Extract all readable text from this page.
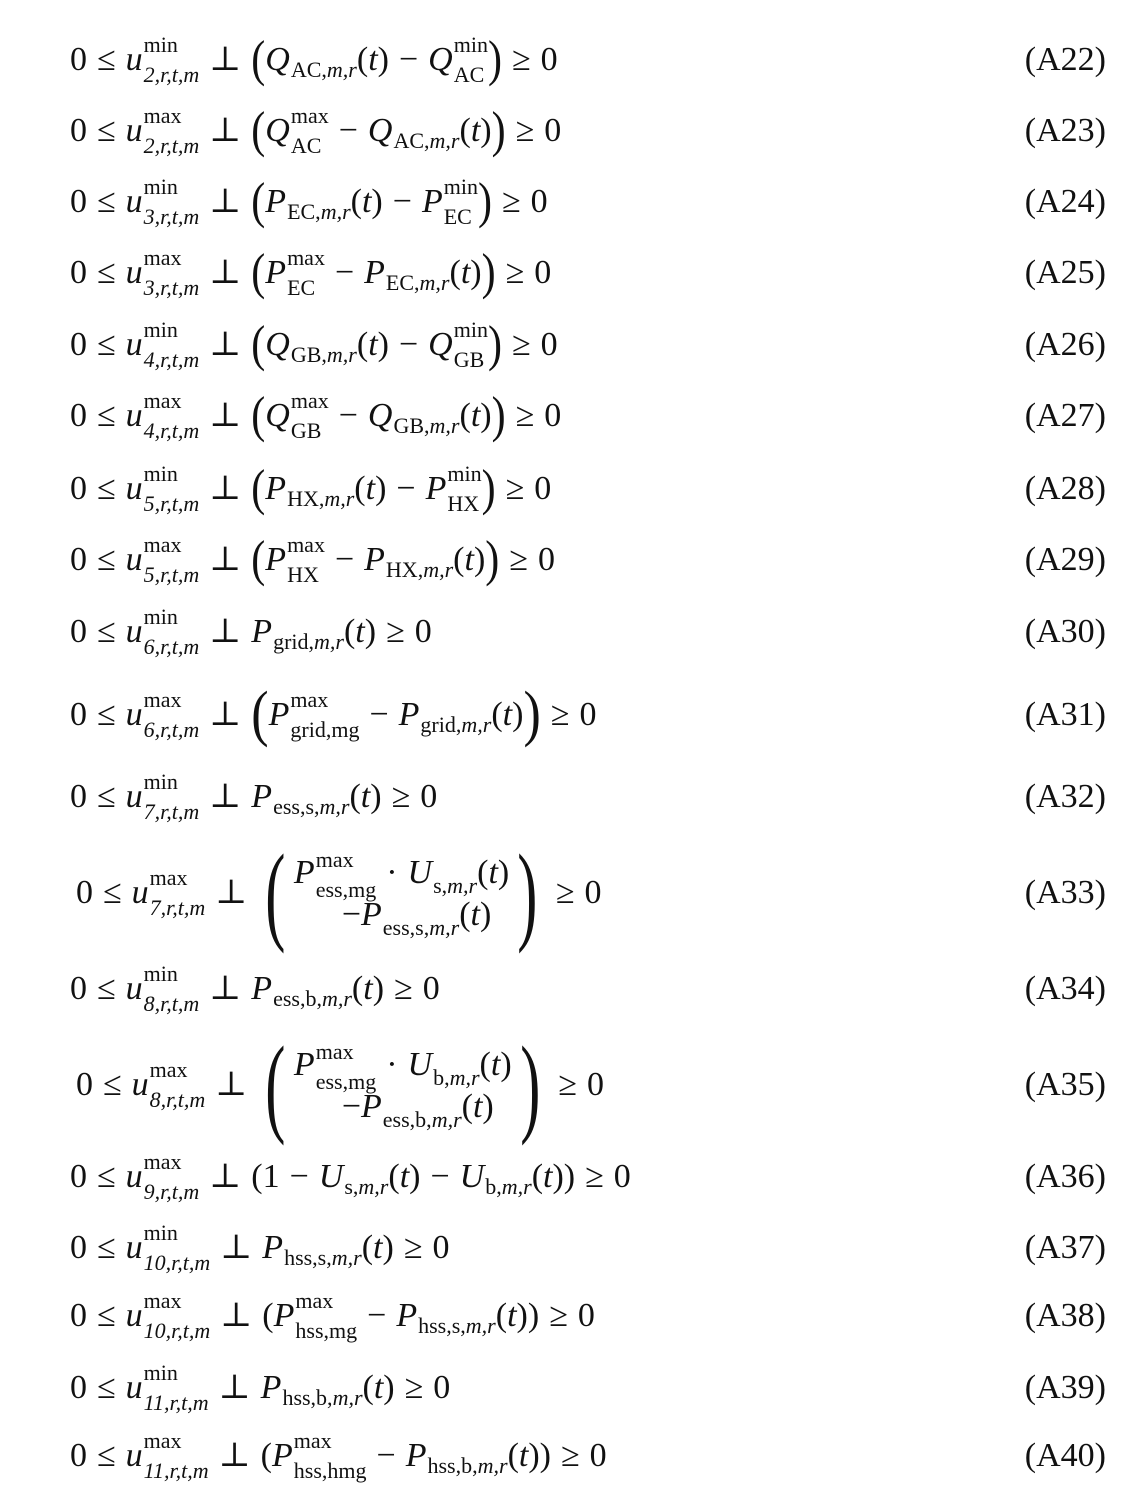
0 ≤ u min
2,r,t,m ⊥ ( Q AC,m,r ( t ) − Q min
AC ) ≥ 0	(A22)
0 ≤ u max
2,r,t,m ⊥ ( Q max
AC − Q AC,m,r ( t ) ) ≥ 0	(A23)
0 ≤ u min
3,r,t,m ⊥ ( P EC,m,r ( t ) − P min
EC ) ≥ 0	(A24)
0 ≤ u max
3,r,t,m ⊥ ( P max
EC − P EC,m,r ( t ) ) ≥ 0	(A25)
0 ≤ u min
4,r,t,m ⊥ ( Q GB,m,r ( t ) − Q min
GB ) ≥ 0	(A26)
0 ≤ u max
4,r,t,m ⊥ ( Q max
GB − Q GB,m,r ( t ) ) ≥ 0	(A27)
0 ≤ u min
5,r,t,m ⊥ ( P HX,m,r ( t ) − P min
HX ) ≥ 0	(A28)
0 ≤ u max
5,r,t,m ⊥ ( P max
HX − P HX,m,r ( t ) ) ≥ 0	(A29)
0 ≤ u min
6,r,t,m ⊥ P grid,m,r ( t ) ≥ 0	(A30)
0 ≤ u max
6,r,t,m ⊥ ( P max
grid,mg − P grid,m,r ( t ) ) ≥ 0	(A31)
0 ≤ u min
7,r,t,m ⊥ P ess,s,m,r ( t ) ≥ 0	(A32)
0 ≤ u max
7,r,t,m ⊥ ( P max
$ess,mg \cdot U_{s,m,r}(t)$
$-P_{ess,s,m,r}(t)$ ) ≥ 0	(A33)
0 ≤ u min
8,r,t,m ⊥ P ess,b,m,r ( t ) ≥ 0	(A34)
0 ≤ u max
8,r,t,m ⊥ ( P max
$ess,mg \cdot U_{b,m,r}(t)$
$-P_{ess,b,m,r}(t)$ ) ≥ 0	(A35)
0 ≤ u max
9,r,t,m ⊥ (1 − U s,m,r ( t ) − U b,m,r ( t )) ≥ 0	(A36)
0 ≤ u min
10,r,t,m ⊥ P hss,s,m,r ( t ) ≥ 0	(A37)
0 ≤ u max
10,r,t,m ⊥ ( P max
hss,mg − P hss,s,m,r ( t )) ≥ 0	(A38)
0 ≤ u min
11,r,t,m ⊥ P hss,b,m,r ( t ) ≥ 0	(A39)
0 ≤ u max
11,r,t,m ⊥ ( P max
hss,hmg − P hss,b,m,r ( t )) ≥ 0	(A40)
